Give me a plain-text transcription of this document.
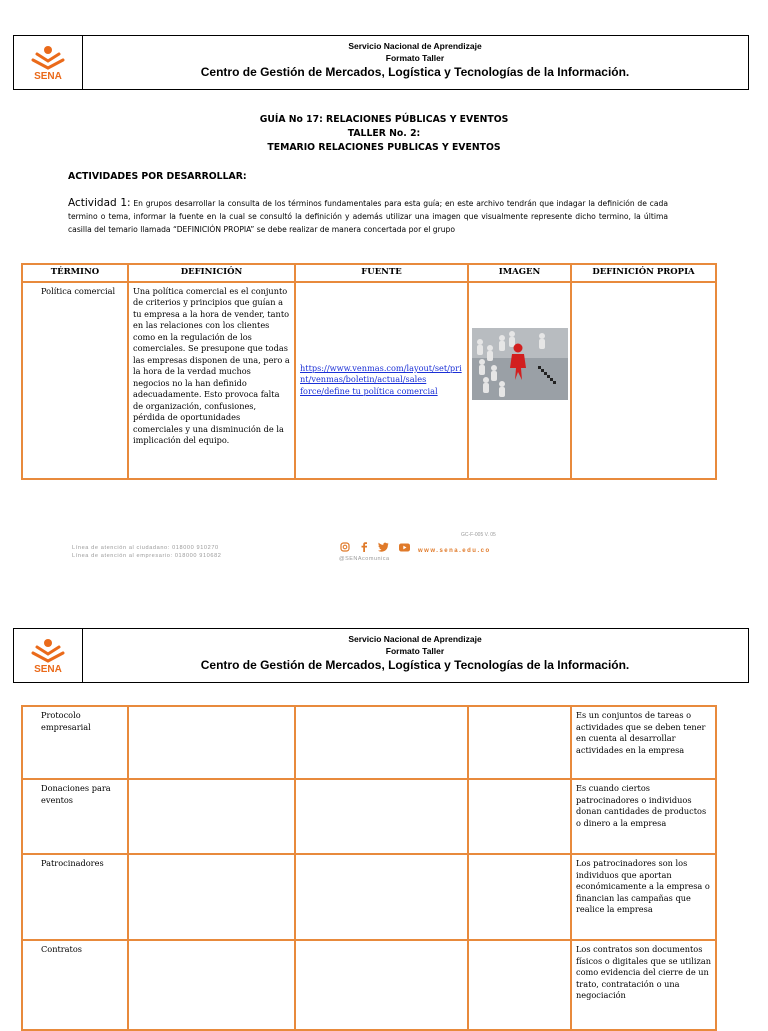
SENA
Servicio Nacional de Aprendizaje
Formato Taller
Centro de Gestión de Mercados, Logística y Tecnologías de la Información.
GUÍA No 17: RELACIONES PÚBLICAS Y EVENTOS
TALLER No. 2:
TEMARIO RELACIONES PUBLICAS Y EVENTOS
ACTIVIDADES POR DESARROLLAR:
Actividad 1: En grupos desarrollar la consulta de los términos fundamentales para esta guía; en este archivo tendrán que indagar la definición de cada termino o tema, informar la fuente en la cual se consultó la definición y además utilizar una imagen que visualmente represente dicho termino, la última casilla del temario llamada “DEFINICIÓN PROPIA” se debe realizar de manera concertada por el grupo
TÉRMINO	DEFINICIÓN	FUENTE	IMAGEN	DEFINICIÓN PROPIA
Política comercial	Una política comercial es el conjunto de criterios y principios que guían a tu empresa a la hora de vender, tanto en las relaciones con los clientes como en la regulación de los comerciales. Se presupone que todas las empresas disponen de una, pero a la hora de la verdad muchos negocios no la han definido adecuadamente. Esto provoca falta de organización, confusiones, pérdida de oportunidades comerciales y una disminución de la implicación del equipo.	https://www.venmas.com/layout/set/print/venmas/boletin/actual/sales force/define tu política comercial	

GC-F-005 V. 05
Línea de atención al ciudadano: 018000 910270
Línea de atención al empresario: 018000 910682	@SENAcomunica
www.sena.edu.co
SENA
Servicio Nacional de Aprendizaje
Formato Taller
Centro de Gestión de Mercados, Logística y Tecnologías de la Información.
Protocolo empresarial				Es un conjuntos de tareas o actividades que se deben tener en cuenta al desarrollar actividades en la empresa
Donaciones para eventos				Es cuando ciertos patrocinadores o individuos donan cantidades de productos o dinero a la empresa
Patrocinadores				Los patrocinadores son los individuos que aportan económicamente a la empresa o financian las campañas que realice la empresa
Contratos				Los contratos son documentos físicos o digitales que se utilizan como evidencia del cierre de un trato, contratación o una negociación
